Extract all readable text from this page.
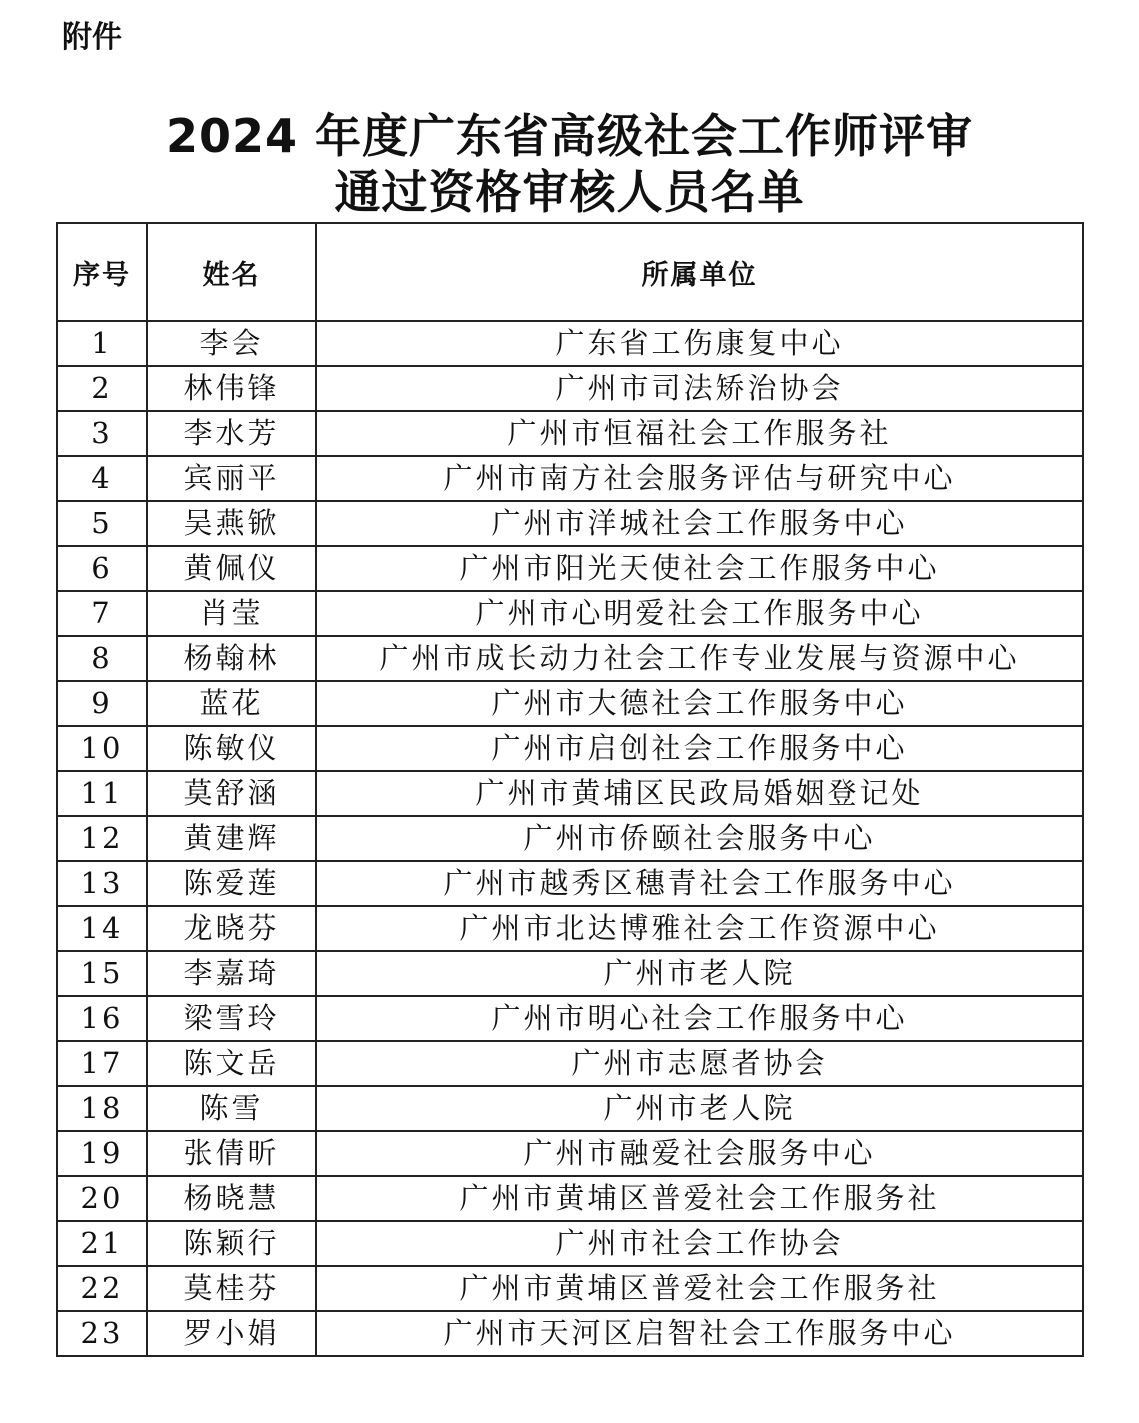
附件
2024 年度广东省高级社会工作师评审
通过资格审核人员名单
序号	姓名	所属单位
1	李会	广东省工伤康复中心
2	林伟锋	广州市司法矫治协会
3	李水芳	广州市恒福社会工作服务社
4	宾丽平	广州市南方社会服务评估与研究中心
5	吴燕锨	广州市洋城社会工作服务中心
6	黄佩仪	广州市阳光天使社会工作服务中心
7	肖莹	广州市心明爱社会工作服务中心
8	杨翰林	广州市成长动力社会工作专业发展与资源中心
9	蓝花	广州市大德社会工作服务中心
10	陈敏仪	广州市启创社会工作服务中心
11	莫舒涵	广州市黄埔区民政局婚姻登记处
12	黄建辉	广州市侨颐社会服务中心
13	陈爱莲	广州市越秀区穗青社会工作服务中心
14	龙晓芬	广州市北达博雅社会工作资源中心
15	李嘉琦	广州市老人院
16	梁雪玲	广州市明心社会工作服务中心
17	陈文岳	广州市志愿者协会
18	陈雪	广州市老人院
19	张倩昕	广州市融爱社会服务中心
20	杨晓慧	广州市黄埔区普爱社会工作服务社
21	陈颖行	广州市社会工作协会
22	莫桂芬	广州市黄埔区普爱社会工作服务社
23	罗小娟	广州市天河区启智社会工作服务中心
